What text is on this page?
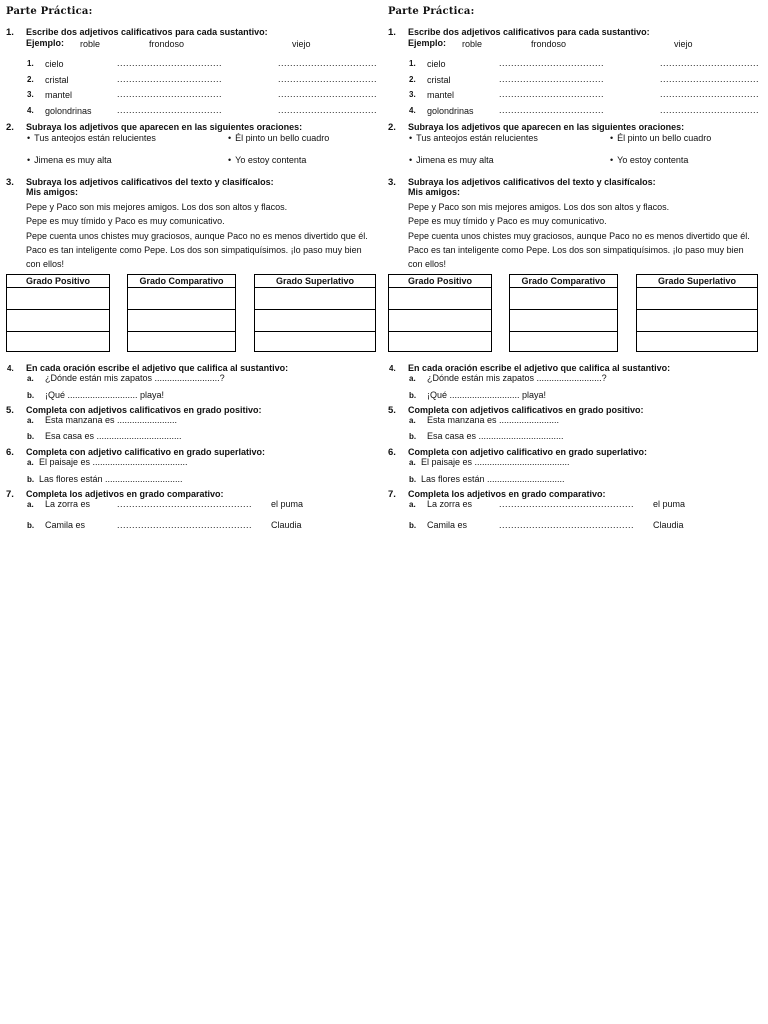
Parte Práctica:
1. Escribe dos adjetivos calificativos para cada sustantivo:
Ejemplo: roble	frondoso	viejo
1. cielo	...................................	.................................
2. cristal	...................................	.................................
3. mantel	...................................	.................................
4. golondrinas	...................................	.................................
2. Subraya los adjetivos que aparecen en las siguientes oraciones:
• Tus anteojos están relucientes	• Él pinto un bello cuadro
• Jimena es muy alta	• Yo estoy contenta
3. Subraya los adjetivos calificativos del texto y clasifícalos:
Mis amigos:
Pepe y Paco son mis mejores amigos. Los dos son altos y flacos.
Pepe es muy tímido y Paco es muy comunicativo.
Pepe cuenta unos chistes muy graciosos, aunque Paco no es menos divertido que él.
Paco es tan inteligente como Pepe. Los dos son simpatiquísimos. ¡lo paso muy bien
con ellos!
Grado Positivo	Grado Comparativo	Grado Superlativo
4. En cada oración escribe el adjetivo que califica al sustantivo:
a. ¿Dónde están mis zapatos ..........................?
b. ¡Qué ............................ playa!
5. Completa con adjetivos calificativos en grado positivo:
a. Esta manzana es ........................
b. Esa casa es ..................................
6. Completa con adjetivo calificativo en grado superlativo:
a. El paisaje es ......................................
b. Las flores están ...............................
7. Completa los adjetivos en grado comparativo:
a. La zorra es	............................................. el puma
b. Camila es	............................................. Claudia
Parte Práctica:
1. Escribe dos adjetivos calificativos para cada sustantivo:
Ejemplo: roble	frondoso	viejo
1. cielo	...................................	.................................
2. cristal	...................................	.................................
3. mantel	...................................	.................................
4. golondrinas	...................................	.................................
2. Subraya los adjetivos que aparecen en las siguientes oraciones:
• Tus anteojos están relucientes	• Él pinto un bello cuadro
• Jimena es muy alta	• Yo estoy contenta
3. Subraya los adjetivos calificativos del texto y clasifícalos:
Mis amigos:
Pepe y Paco son mis mejores amigos. Los dos son altos y flacos.
Pepe es muy tímido y Paco es muy comunicativo.
Pepe cuenta unos chistes muy graciosos, aunque Paco no es menos divertido que él.
Paco es tan inteligente como Pepe. Los dos son simpatiquísimos. ¡lo paso muy bien
con ellos!
Grado Positivo	Grado Comparativo	Grado Superlativo
4. En cada oración escribe el adjetivo que califica al sustantivo:
a. ¿Dónde están mis zapatos ..........................?
b. ¡Qué ............................ playa!
5. Completa con adjetivos calificativos en grado positivo:
a. Esta manzana es ........................
b. Esa casa es ..................................
6. Completa con adjetivo calificativo en grado superlativo:
a. El paisaje es ......................................
b. Las flores están ...............................
7. Completa los adjetivos en grado comparativo:
a. La zorra es	............................................. el puma
b. Camila es	............................................. Claudia
